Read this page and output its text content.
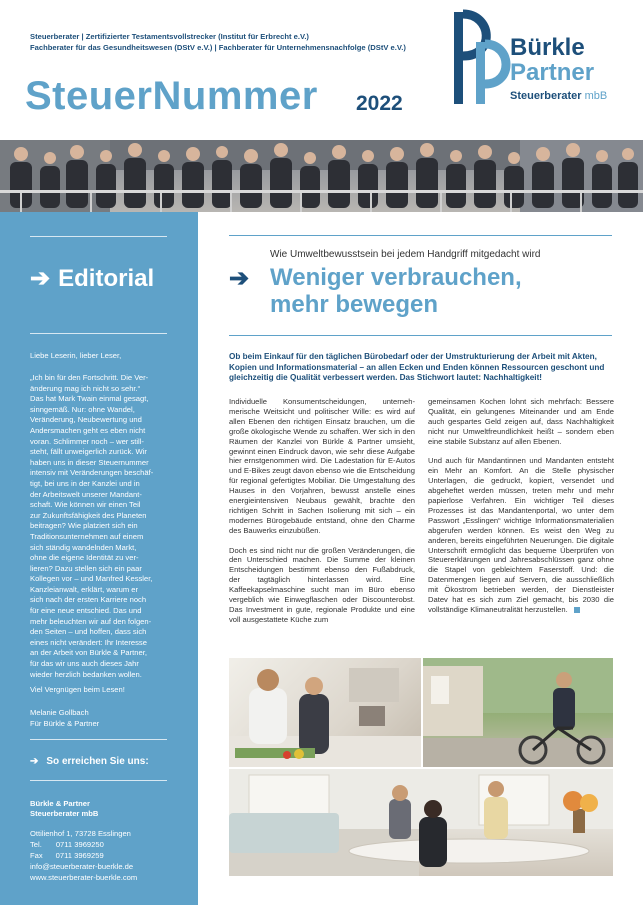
Steuerberater | Zertifizierter Testamentsvollstrecker (Institut für Erbrecht e.V.)
Fachberater für das Gesundheitswesen (DStV e.V.) | Fachberater für Unternehmensnachfolge (DStV e.V.)
SteuerNummer 2022
Bürkle
Partner
Steuerberater mbB
➔ Editorial
Liebe Leserin, lieber Leser,
„Ich bin für den Fortschritt. Die Ver-
änderung mag ich nicht so sehr.“
Das hat Mark Twain einmal gesagt,
sinngemäß. Nur: ohne Wandel,
Veränderung, Neubewertung und
Andersmachen geht es eben nicht
voran. Schlimmer noch – wer still-
steht, fällt unweigerlich zurück. Wir
haben uns in dieser Steuernummer
intensiv mit Veränderungen beschäf-
tigt, bei uns in der Kanzlei und in
der Arbeitswelt unserer Mandant-
schaft. Wie können wir einen Teil
zur Zukunftsfähigkeit des Planeten
beitragen? Wie platziert sich ein
Traditionsunternehmen auf einem
sich ständig wandelnden Markt,
ohne die eigene Identität zu ver-
lieren? Dazu stellen sich ein paar
Kollegen vor – und Manfred Kessler,
Kanzleianwalt, erklärt, warum er
sich nach der ersten Karriere noch
für eine neue entschied. Das und
mehr beleuchten wir auf den folgen-
den Seiten – und hoffen, dass sich
eines nicht verändert: Ihr Interesse
an der Arbeit von Bürkle & Partner,
für das wir uns auch dieses Jahr
wieder herzlich bedanken wollen.
Viel Vergnügen beim Lesen!
Melanie Gollbach
Für Bürkle & Partner
➔ So erreichen Sie uns:
Bürkle & Partner
Steuerberater mbB
Ottilienhof 1, 73728 Esslingen
Tel. 0711 3969250
Fax 0711 3969259
info@steuerberater-buerkle.de
www.steuerberater-buerkle.com
Wie Umweltbewusstsein bei jedem Handgriff mitgedacht wird
➔ Weniger verbrauchen,
mehr bewegen
Ob beim Einkauf für den täglichen Bürobedarf oder der Umstrukturierung der Arbeit mit Akten, Kopien und Informationsmaterial – an allen Ecken und Enden können Ressourcen geschont und gleichzeitig die Qualität verbessert werden. Das Stichwort lautet: Nachhaltigkeit!

Individuelle Konsumentscheidungen, unternehmerische Weitsicht und politischer Wille: es wird auf allen Ebenen den richtigen Einsatz brauchen, um die große ökologische Wende zu schaffen. Wer sich in den Räumen der Kanzlei von Bürkle & Partner umsieht, gewinnt einen Eindruck davon, wie sehr diese Aufgabe hier ernstgenommen wird. Die Ladestation für E-Autos und E-Bikes zeugt davon ebenso wie die Entscheidung für regional gefertigtes Mobiliar. Die Umgestaltung des Hauses in den Vorjahren, bewusst anstelle eines energieintensiven Neubaus gewählt, brachte den richtigen Schritt in Sachen Isolierung mit sich – ein modernes Bürogebäude entstand, ohne den Charme des Bauwerks einzubüßen.

Doch es sind nicht nur die großen Veränderungen, die den Unterschied machen. Die Summe der kleinen Entscheidungen bestimmt ebenso den Fußabdruck, der tagtäglich hinterlassen wird. Eine Kaffeekapselmaschine sucht man im Büro ebenso vergeblich wie Einwegflaschen oder Discounterobst. Das Investment in gute, regionale Produkte und eine voll ausgestattete Küche zum

gemeinsamen Kochen lohnt sich mehrfach: Bessere Qualität, ein gelungenes Miteinander und am Ende auch gespartes Geld zeigen auf, dass Nachhaltigkeit nicht nur Umweltfreundlichkeit heißt – sondern eben eine stabile Substanz auf allen Ebenen.

Und auch für Mandantinnen und Mandanten entsteht ein Mehr an Komfort. An die Stelle physischer Unterlagen, die gedruckt, kopiert, versendet und abgeheftet werden müssen, treten mehr und mehr papierlose Verfahren. Ein wichtiger Teil dieses Prozesses ist das Mandantenportal, wo unter dem Passwort „Esslingen“ wichtige Informationsmaterialien abgerufen werden können. Es weist den Weg zu anderen, bereits eingeführten Neuerungen. Die digitale Unterschrift ermöglicht das bequeme Überprüfen von Steuererklärungen und Jahresabschlüssen ganz ohne die Stapel von gebleichtem Faserstoff. Und: die Datenmengen liegen auf Servern, die ausschließlich mit Ökostrom betrieben werden, der Dienstleister Datev hat es sich zum Ziel gemacht, bis 2030 die vollständige Klimaneutralität herzustellen.
